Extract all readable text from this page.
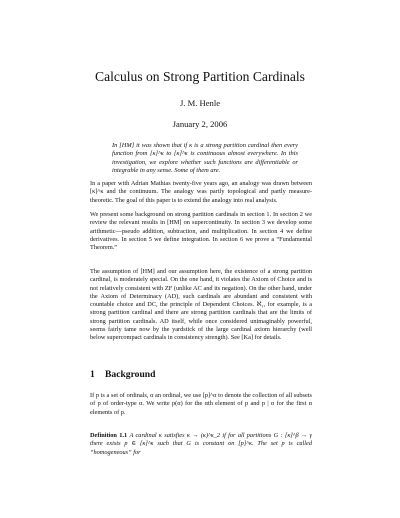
Calculus on Strong Partition Cardinals
J. M. Henle
January 2, 2006
In [HM] it was shown that if κ is a strong partition cardinal then every function from [κ]^κ to [κ]^κ is continuous almost everywhere. In this investigation, we explore whether such functions are differentiable or integrable in any sense. Some of them are.
In a paper with Adrian Mathias twenty-five years ago, an analogy was drawn between [κ]^κ and the continuum. The analogy was partly topological and partly measure-theoretic. The goal of this paper is to extend the analogy into real analysis.
We present some background on strong partition cardinals in section 1. In section 2 we review the relevant results in [HM] on supercontinuity. In section 3 we develop some arithmetic—pseudo addition, subtraction, and multiplication. In section 4 we define derivatives. In section 5 we define integration. In section 6 we prove a “Fundamental Theorem.”
The assumption of [HM] and our assumption here, the existence of a strong partition cardinal, is moderately special. On the one hand, it violates the Axiom of Choice and is not relatively consistent with ZF (unlike AC and its negation). On the other hand, under the Axiom of Determinacy (AD), such cardinals are abundant and consistent with countable choice and DC, the principle of Dependent Choices. ℵ₁, for example, is a strong partition cardinal and there are strong partition cardinals that are the limits of strong partition cardinals. AD itself, while once considered unimaginably powerful, seems fairly tame now by the yardstick of the large cardinal axiom hierarchy (well below supercompact cardinals in consistency strength). See [Ka] for details.
1 Background
If p is a set of ordinals, α an ordinal, we use [p]^α to denote the collection of all subsets of p of order-type α. We write p(α) for the αth element of p and p | α for the first α elements of p.
Definition 1.1 A cardinal κ satisfies κ → (κ)^κ_2 if for all partitions G : [κ]^β → γ there exists p ∈ [κ]^κ such that G is constant on [p]^κ. The set p is called “homogeneous” for
